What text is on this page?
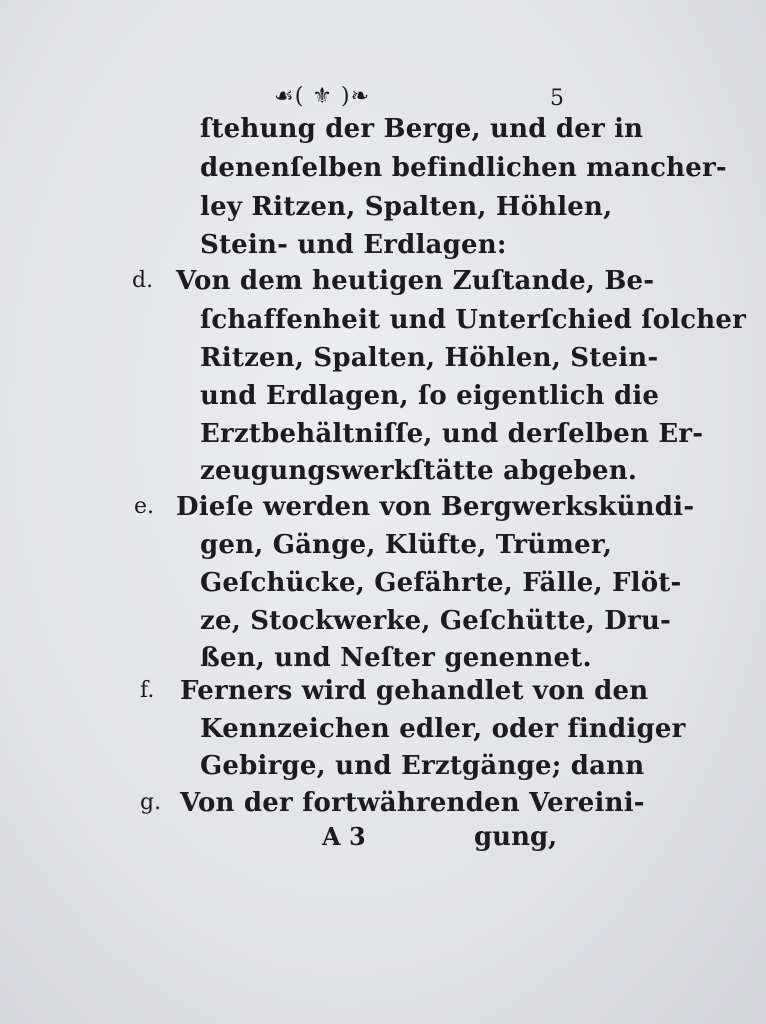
☙( ⚜ )❧	5
ſtehung der Berge, und der in
denenſelben befindlichen mancher-
ley Ritzen, Spalten, Höhlen,
Stein- und Erdlagen:
d. Von dem heutigen Zuſtande, Be-
ſchaffenheit und Unterſchied ſolcher
Ritzen, Spalten, Höhlen, Stein-
und Erdlagen, ſo eigentlich die
Erztbehältniſſe, und derſelben Er-
zeugungswerkſtätte abgeben.
e. Dieſe werden von Bergwerkskündi-
gen, Gänge, Klüfte, Trümer,
Geſchücke, Gefährte, Fälle, Flöt-
ze, Stockwerke, Geſchütte, Dru-
ßen, und Neſter genennet.
f. Ferners wird gehandlet von den
Kennzeichen edler, oder findiger
Gebirge, und Erztgänge; dann
g. Von der fortwährenden Vereini-
A 3	gung,
